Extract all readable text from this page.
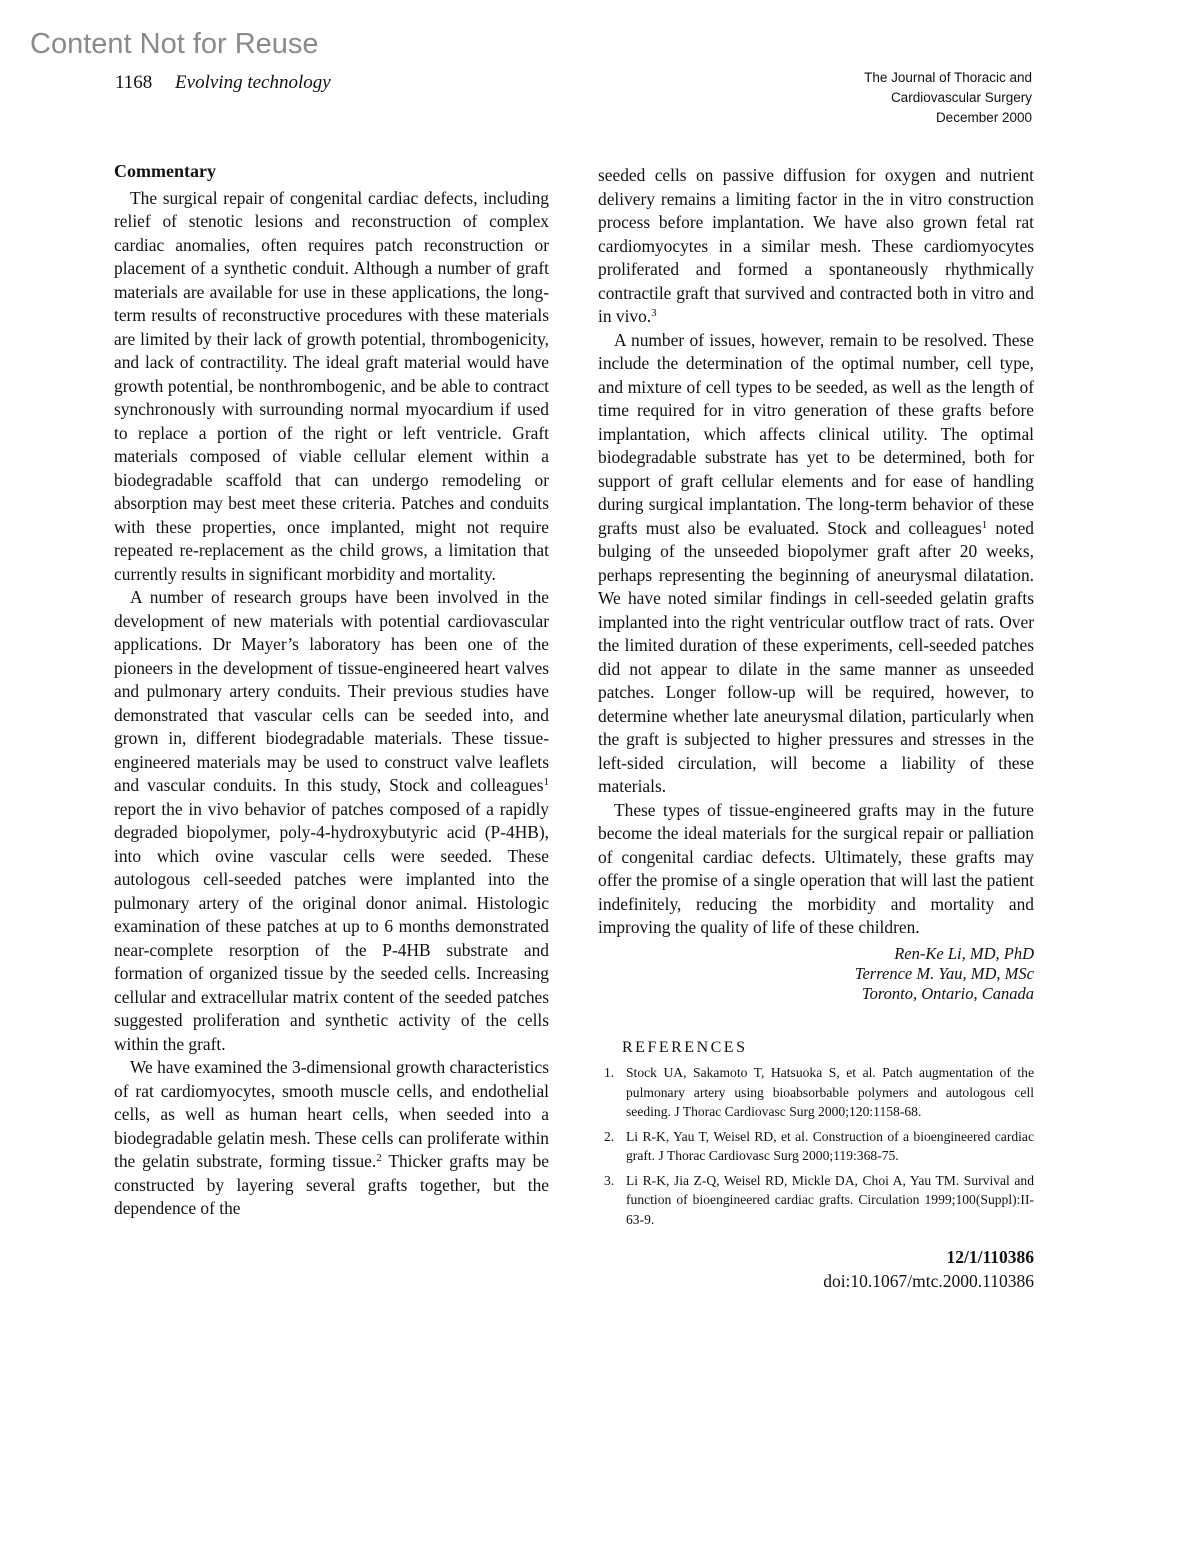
Content Not for Reuse
1168 Evolving technology	The Journal of Thoracic and
Cardiovascular Surgery
December 2000
Commentary

The surgical repair of congenital cardiac defects, including relief of stenotic lesions and reconstruction of complex cardiac anomalies, often requires patch reconstruction or placement of a synthetic conduit. Although a number of graft materials are available for use in these applications, the long-term results of reconstructive procedures with these materials are limited by their lack of growth potential, thrombogenicity, and lack of contractility. The ideal graft material would have growth potential, be nonthrombogenic, and be able to contract synchronously with surrounding normal myocardium if used to replace a portion of the right or left ventricle. Graft materials composed of viable cellular element within a biodegradable scaffold that can undergo remodeling or absorption may best meet these criteria. Patches and conduits with these properties, once implanted, might not require repeated re-replacement as the child grows, a limitation that currently results in significant morbidity and mortality.

A number of research groups have been involved in the development of new materials with potential cardiovascular applications. Dr Mayer’s laboratory has been one of the pioneers in the development of tissue-engineered heart valves and pulmonary artery conduits. Their previous studies have demonstrated that vascular cells can be seeded into, and grown in, different biodegradable materials. These tissue-engineered materials may be used to construct valve leaflets and vascular conduits. In this study, Stock and colleagues$^1$ report the in vivo behavior of patches composed of a rapidly degraded biopolymer, poly-4-hydroxybutyric acid (P-4HB), into which ovine vascular cells were seeded. These autologous cell-seeded patches were implanted into the pulmonary artery of the original donor animal. Histologic examination of these patches at up to 6 months demonstrated near-complete resorption of the P-4HB substrate and formation of organized tissue by the seeded cells. Increasing cellular and extracellular matrix content of the seeded patches suggested proliferation and synthetic activity of the cells within the graft.

We have examined the 3-dimensional growth characteristics of rat cardiomyocytes, smooth muscle cells, and endothelial cells, as well as human heart cells, when seeded into a biodegradable gelatin mesh. These cells can proliferate within the gelatin substrate, forming tissue.$^2$ Thicker grafts may be constructed by layering several grafts together, but the dependence of the

seeded cells on passive diffusion for oxygen and nutrient delivery remains a limiting factor in the in vitro construction process before implantation. We have also grown fetal rat cardiomyocytes in a similar mesh. These cardiomyocytes proliferated and formed a spontaneously rhythmically contractile graft that survived and contracted both in vitro and in vivo.$^3$

A number of issues, however, remain to be resolved. These include the determination of the optimal number, cell type, and mixture of cell types to be seeded, as well as the length of time required for in vitro generation of these grafts before implantation, which affects clinical utility. The optimal biodegradable substrate has yet to be determined, both for support of graft cellular elements and for ease of handling during surgical implantation. The long-term behavior of these grafts must also be evaluated. Stock and colleagues$^1$ noted bulging of the unseeded biopolymer graft after 20 weeks, perhaps representing the beginning of aneurysmal dilatation. We have noted similar findings in cell-seeded gelatin grafts implanted into the right ventricular outflow tract of rats. Over the limited duration of these experiments, cell-seeded patches did not appear to dilate in the same manner as unseeded patches. Longer follow-up will be required, however, to determine whether late aneurysmal dilation, particularly when the graft is subjected to higher pressures and stresses in the left-sided circulation, will become a liability of these materials.

These types of tissue-engineered grafts may in the future become the ideal materials for the surgical repair or palliation of congenital cardiac defects. Ultimately, these grafts may offer the promise of a single operation that will last the patient indefinitely, reducing the morbidity and mortality and improving the quality of life of these children.

Ren-Ke Li, MD, PhD
Terrence M. Yau, MD, MSc
Toronto, Ontario, Canada
REFERENCES
1. Stock UA, Sakamoto T, Hatsuoka S, et al. Patch augmentation of the pulmonary artery using bioabsorbable polymers and autologous cell seeding. J Thorac Cardiovasc Surg 2000;120:1158-68.
2. Li R-K, Yau T, Weisel RD, et al. Construction of a bioengineered cardiac graft. J Thorac Cardiovasc Surg 2000;119:368-75.
3. Li R-K, Jia Z-Q, Weisel RD, Mickle DA, Choi A, Yau TM. Survival and function of bioengineered cardiac grafts. Circulation 1999;100(Suppl):II-63-9.
12/1/110386
doi:10.1067/mtc.2000.110386
